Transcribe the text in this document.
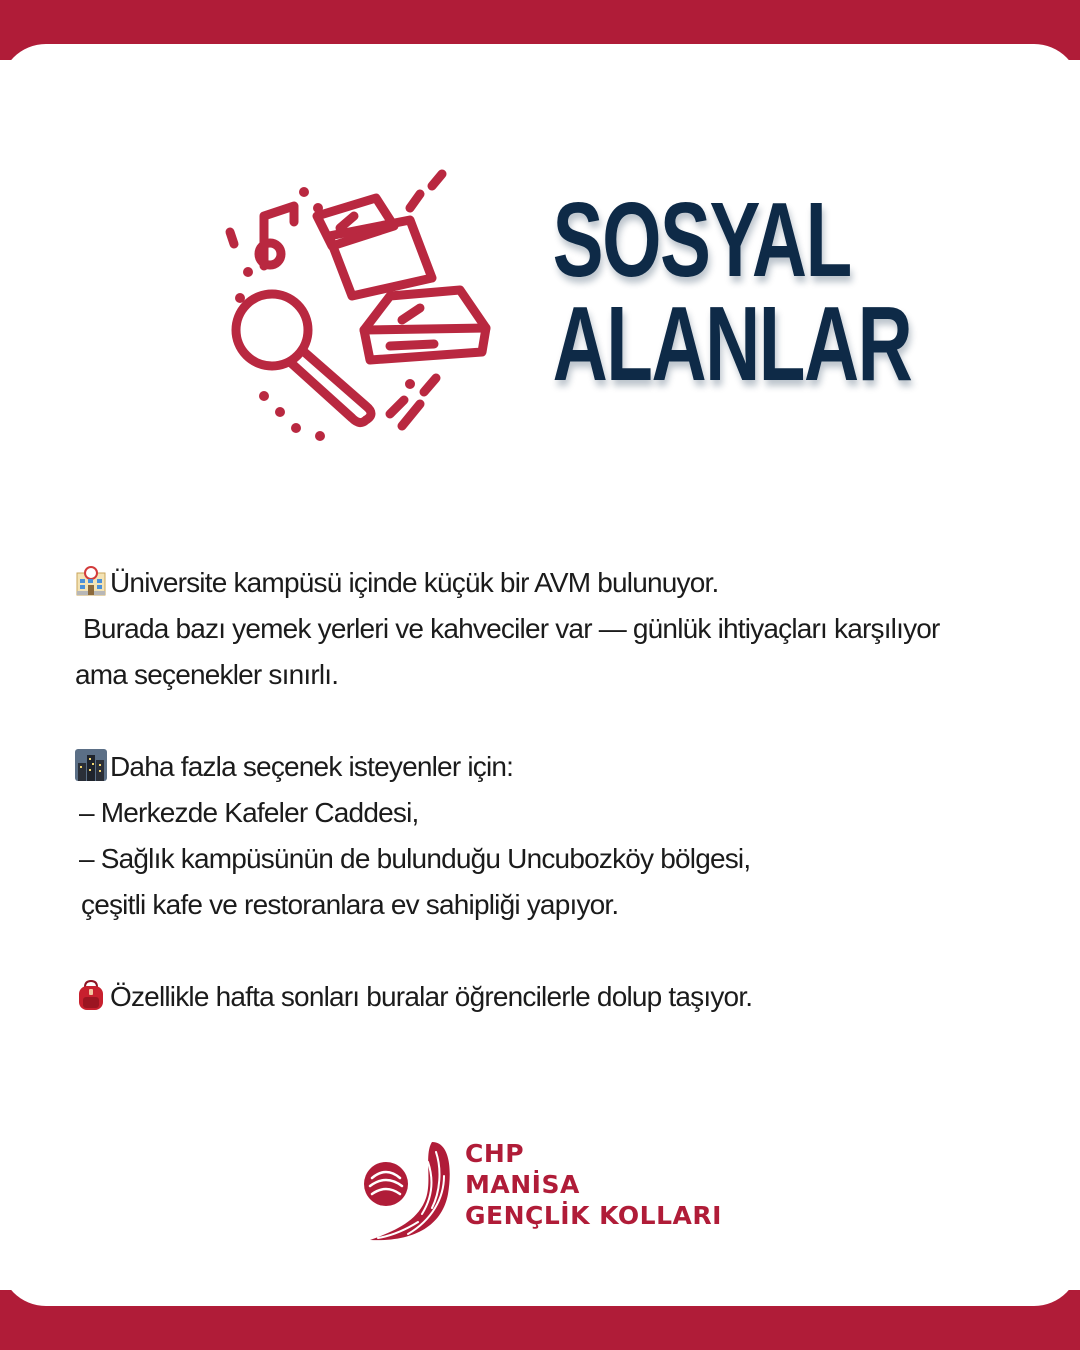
SOSYAL
ALANLAR

Üniversite kampüsü içinde küçük bir AVM bulunuyor.

Burada bazı yemek yerleri ve kahveciler var — günlük ihtiyaçları karşılıyor

ama seçenekler sınırlı.

Daha fazla seçenek isteyenler için:

– Merkezde Kafeler Caddesi,

– Sağlık kampüsünün de bulunduğu Uncubozköy bölgesi,

çeşitli kafe ve restoranlara ev sahipliği yapıyor.

Özellikle hafta sonları buralar öğrencilerle dolup taşıyor.

CHP
MANİSA
GENÇLİK KOLLARI
